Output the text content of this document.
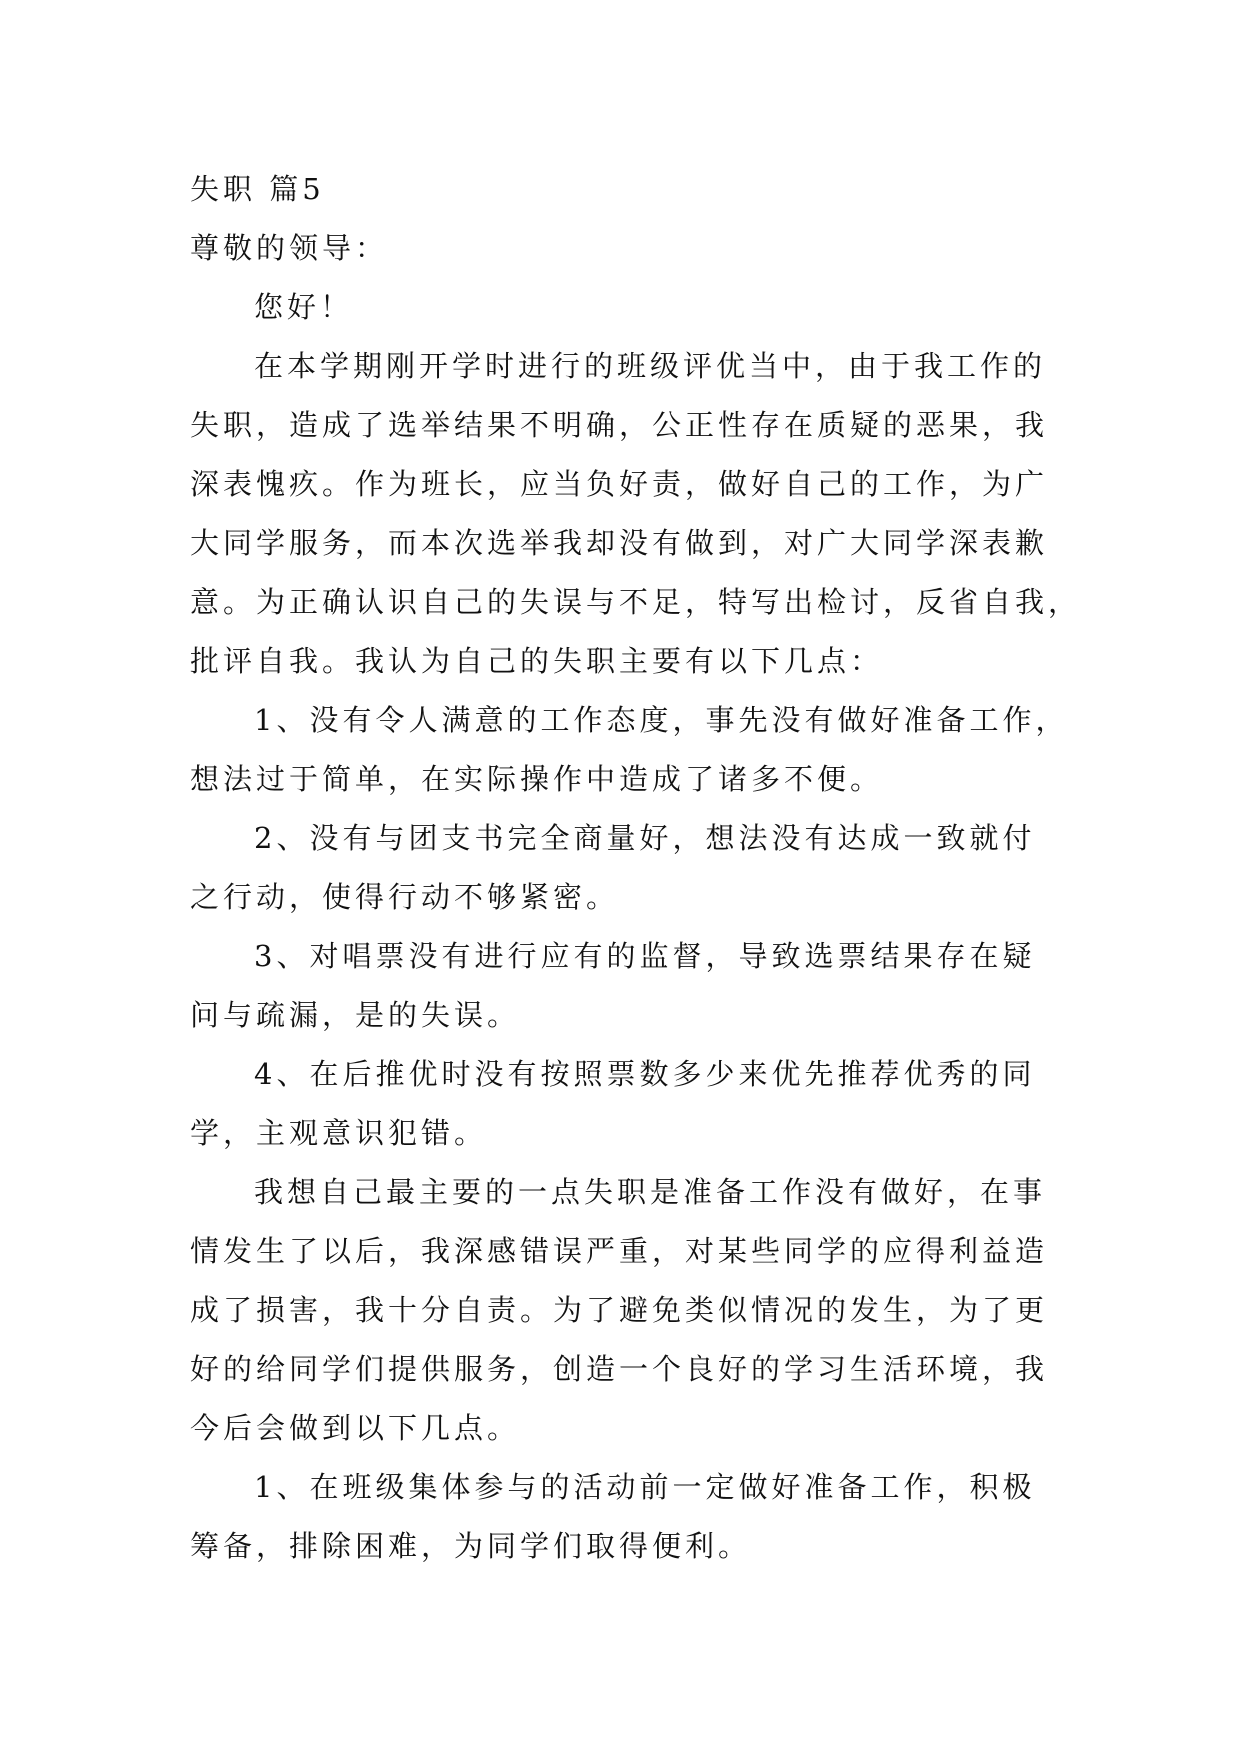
失职 篇5
尊敬的领导：
您好！
在本学期刚开学时进行的班级评优当中，由于我工作的
失职，造成了选举结果不明确，公正性存在质疑的恶果，我
深表愧疚。作为班长，应当负好责，做好自己的工作，为广
大同学服务，而本次选举我却没有做到，对广大同学深表歉
意。为正确认识自己的失误与不足，特写出检讨，反省自我，
批评自我。我认为自己的失职主要有以下几点：
1、没有令人满意的工作态度，事先没有做好准备工作，
想法过于简单，在实际操作中造成了诸多不便。
2、没有与团支书完全商量好，想法没有达成一致就付
之行动，使得行动不够紧密。
3、对唱票没有进行应有的监督，导致选票结果存在疑
问与疏漏，是的失误。
4、在后推优时没有按照票数多少来优先推荐优秀的同
学，主观意识犯错。
我想自己最主要的一点失职是准备工作没有做好，在事
情发生了以后，我深感错误严重，对某些同学的应得利益造
成了损害，我十分自责。为了避免类似情况的发生，为了更
好的给同学们提供服务，创造一个良好的学习生活环境，我
今后会做到以下几点。
1、在班级集体参与的活动前一定做好准备工作，积极
筹备，排除困难，为同学们取得便利。
